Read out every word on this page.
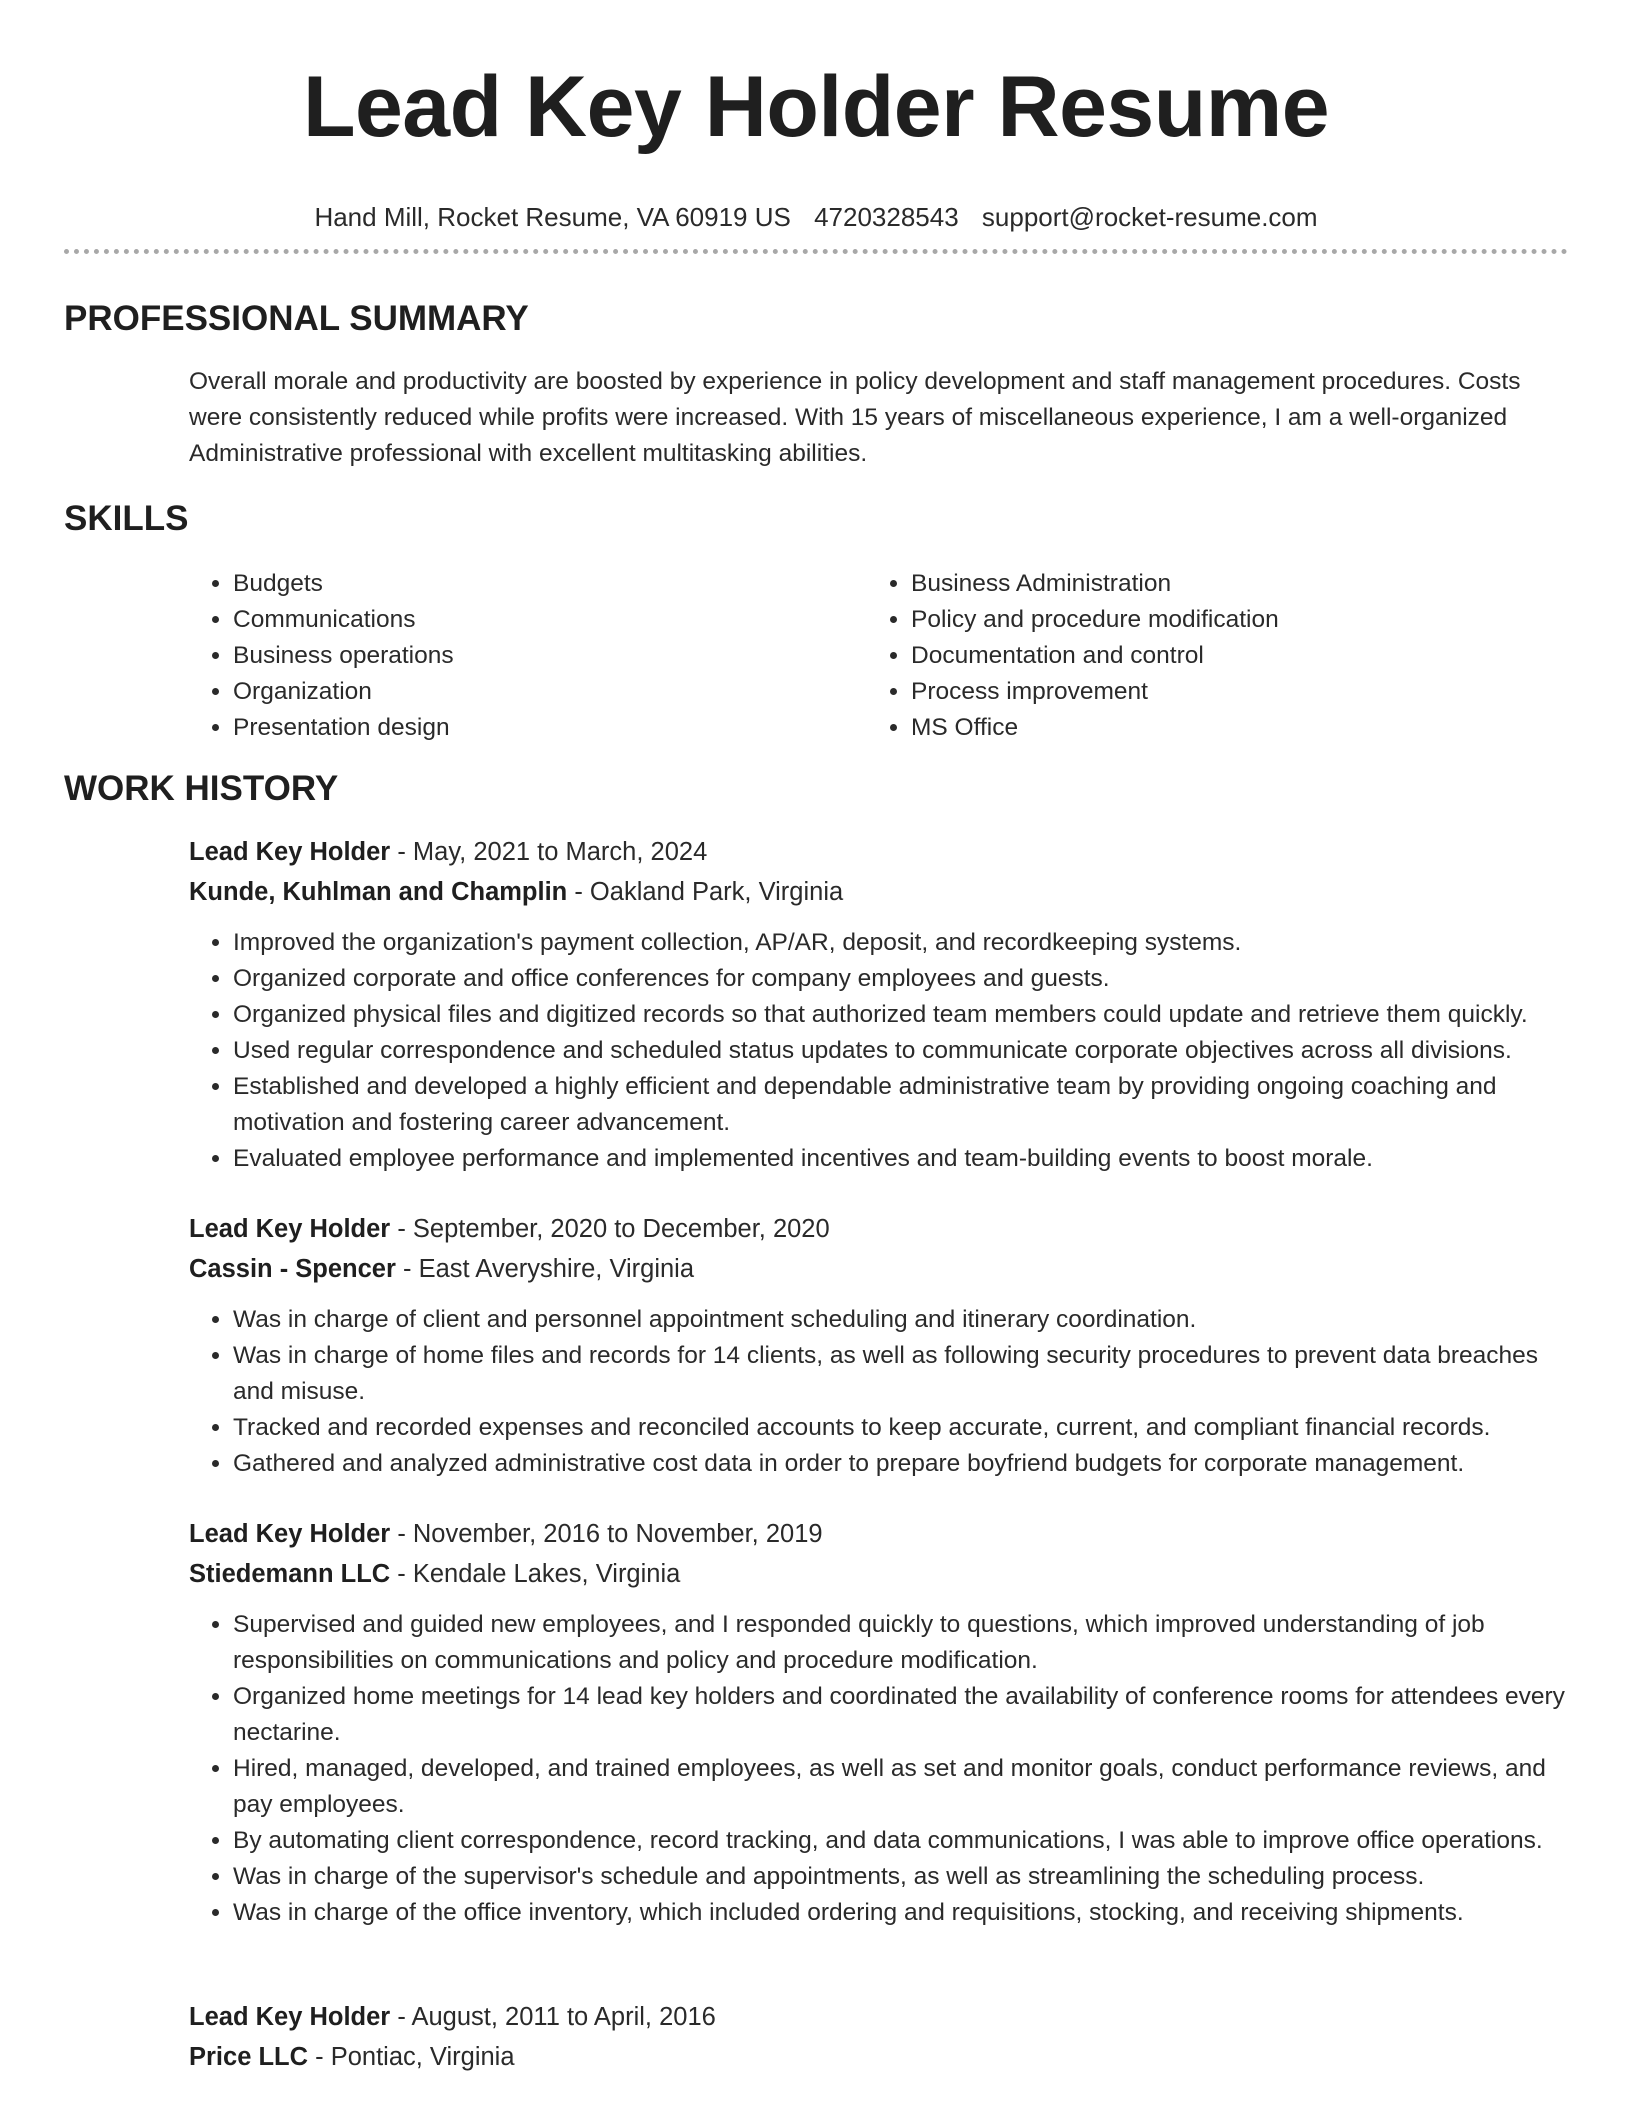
Lead Key Holder Resume
Hand Mill, Rocket Resume, VA 60919 US 4720328543 support@rocket-resume.com
PROFESSIONAL SUMMARY

Overall morale and productivity are boosted by experience in policy development and staff management procedures. Costs were consistently reduced while profits were increased. With 15 years of miscellaneous experience, I am a well-organized Administrative professional with excellent multitasking abilities.

SKILLS
• Budgets
• Communications
• Business operations
• Organization
• Presentation design
• Business Administration
• Policy and procedure modification
• Documentation and control
• Process improvement
• MS Office
WORK HISTORY

Lead Key Holder - May, 2021 to March, 2024

Kunde, Kuhlman and Champlin - Oakland Park, Virginia

• Improved the organization's payment collection, AP/AR, deposit, and recordkeeping systems.
• Organized corporate and office conferences for company employees and guests.
• Organized physical files and digitized records so that authorized team members could update and retrieve them quickly.
• Used regular correspondence and scheduled status updates to communicate corporate objectives across all divisions.
• Established and developed a highly efficient and dependable administrative team by providing ongoing coaching and motivation and fostering career advancement.
• Evaluated employee performance and implemented incentives and team-building events to boost morale.

Lead Key Holder - September, 2020 to December, 2020

Cassin - Spencer - East Averyshire, Virginia

• Was in charge of client and personnel appointment scheduling and itinerary coordination.
• Was in charge of home files and records for 14 clients, as well as following security procedures to prevent data breaches and misuse.
• Tracked and recorded expenses and reconciled accounts to keep accurate, current, and compliant financial records.
• Gathered and analyzed administrative cost data in order to prepare boyfriend budgets for corporate management.

Lead Key Holder - November, 2016 to November, 2019

Stiedemann LLC - Kendale Lakes, Virginia

• Supervised and guided new employees, and I responded quickly to questions, which improved understanding of job responsibilities on communications and policy and procedure modification.
• Organized home meetings for 14 lead key holders and coordinated the availability of conference rooms for attendees every nectarine.
• Hired, managed, developed, and trained employees, as well as set and monitor goals, conduct performance reviews, and pay employees.
• By automating client correspondence, record tracking, and data communications, I was able to improve office operations.
• Was in charge of the supervisor's schedule and appointments, as well as streamlining the scheduling process.
• Was in charge of the office inventory, which included ordering and requisitions, stocking, and receiving shipments.

Lead Key Holder - August, 2011 to April, 2016

Price LLC - Pontiac, Virginia
